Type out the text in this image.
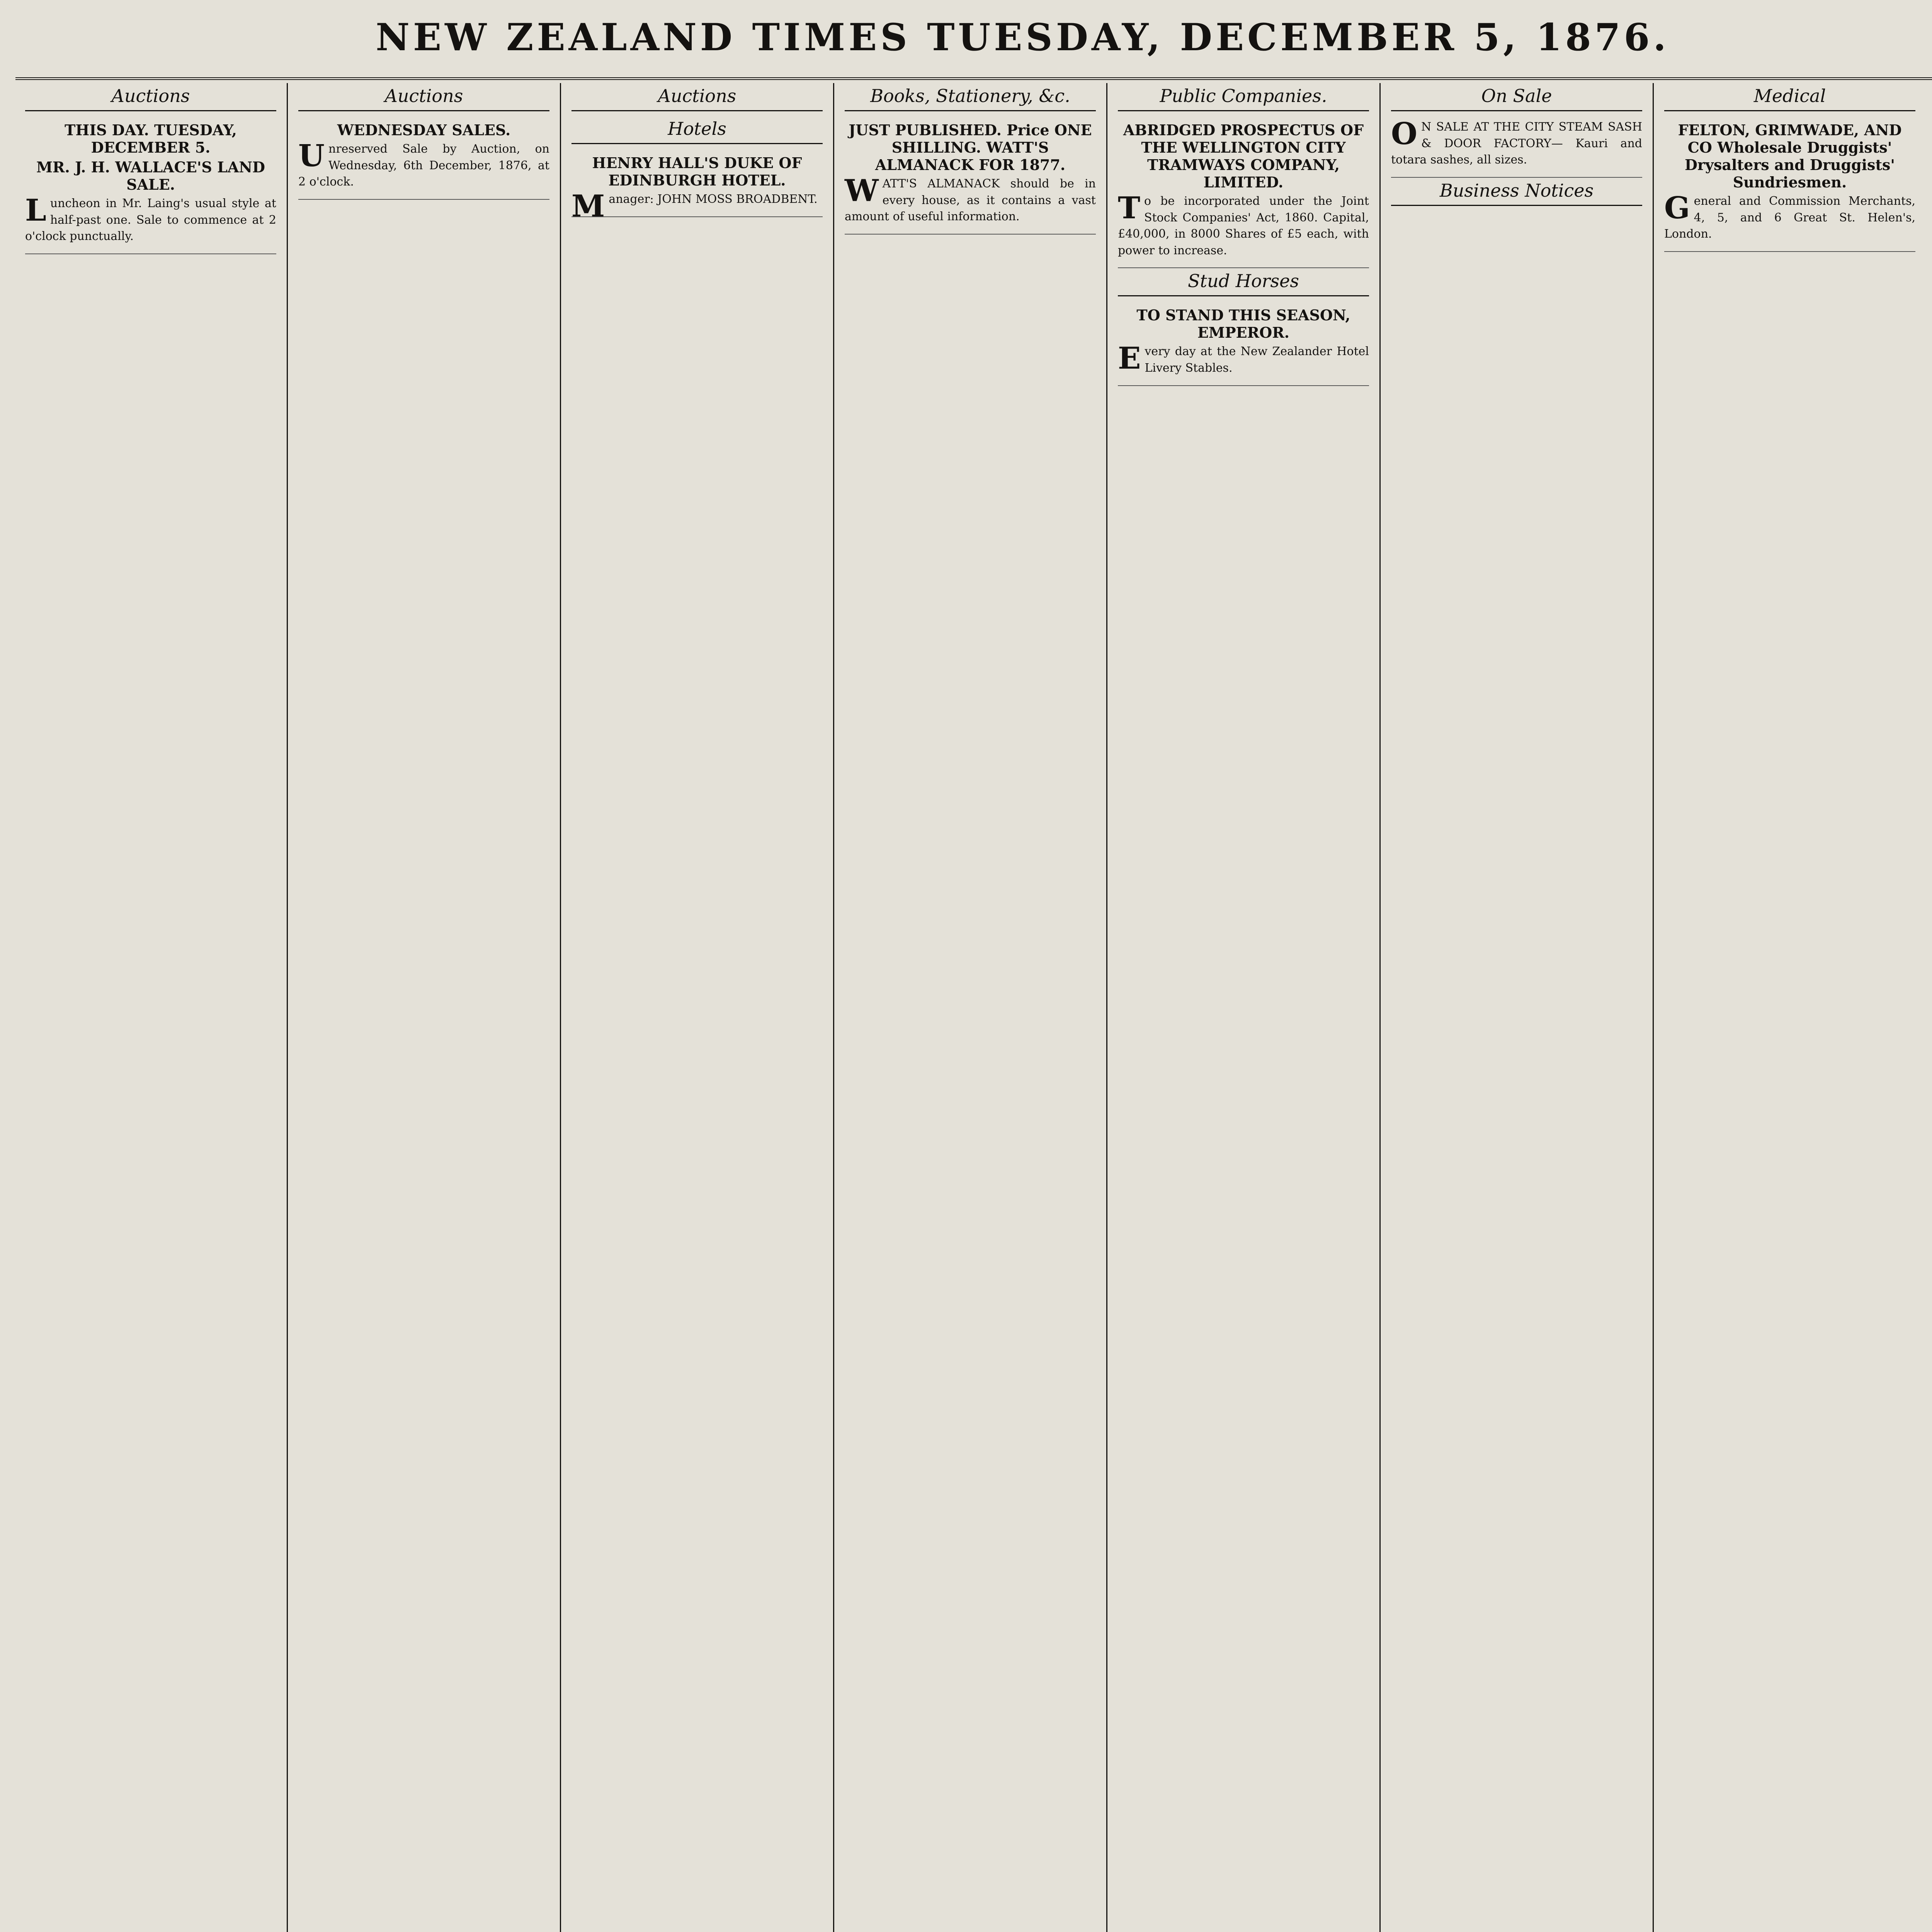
NEW ZEALAND TIMES TUESDAY, DECEMBER 5, 1876.
Auctions
THIS DAY. TUESDAY, DECEMBER 5.
MR. J. H. WALLACE'S LAND SALE.
Luncheon in Mr. Laing's usual style at half-past one. Sale to commence at 2 o'clock punctually.
Auctions
WEDNESDAY SALES.
Unreserved Sale by Auction, on Wednesday, 6th December, 1876, at 2 o'clock.
Auctions
Hotels
HENRY HALL'S DUKE OF EDINBURGH HOTEL.
Manager: JOHN MOSS BROADBENT.
Books, Stationery, &c.
JUST PUBLISHED. Price ONE SHILLING. WATT'S ALMANACK FOR 1877.
WATT'S ALMANACK should be in every house, as it contains a vast amount of useful information.
Public Companies.
ABRIDGED PROSPECTUS OF THE WELLINGTON CITY TRAMWAYS COMPANY, LIMITED.
To be incorporated under the Joint Stock Companies' Act, 1860. Capital, £40,000, in 8000 Shares of £5 each, with power to increase.
Stud Horses
TO STAND THIS SEASON, EMPEROR.
Every day at the New Zealander Hotel Livery Stables.
On Sale
ON SALE AT THE CITY STEAM SASH & DOOR FACTORY— Kauri and totara sashes, all sizes.
Business Notices
Medical
FELTON, GRIMWADE, AND CO Wholesale Druggists' Drysalters and Druggists' Sundriesmen.
General and Commission Merchants, 4, 5, and 6 Great St. Helen's, London.
